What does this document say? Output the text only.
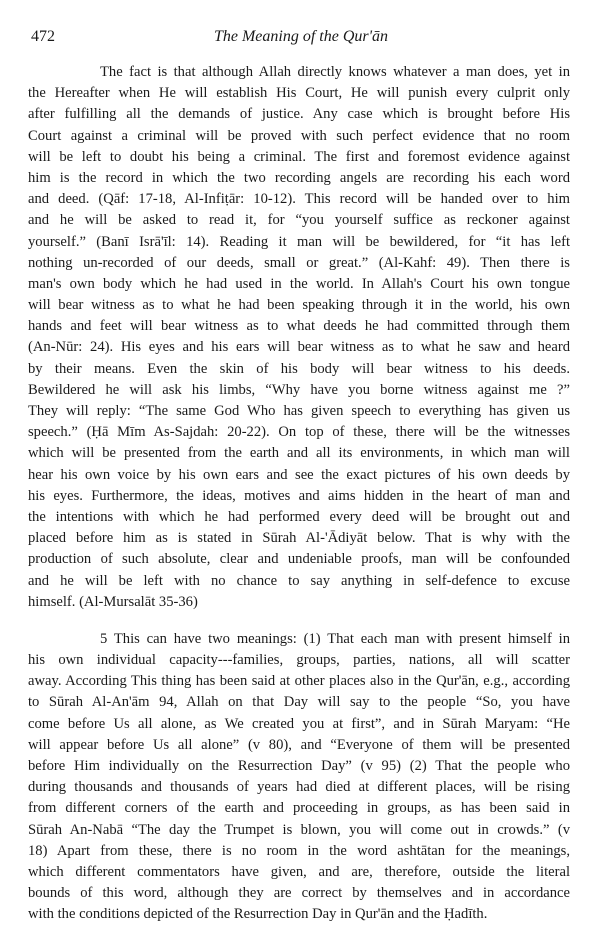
472	The Meaning of the Qur'ān
The fact is that although Allah directly knows whatever a man does, yet in
the Hereafter when He will establish His Court, He will punish every culprit only
after fulfilling all the demands of justice. Any case which is brought before His
Court against a criminal will be proved with such perfect evidence that no room
will be left to doubt his being a criminal. The first and foremost evidence against
him is the record in which the two recording angels are recording his each word
and deed. (Qāf: 17-18, Al-Infiṭār: 10-12). This record will be handed over to him
and he will be asked to read it, for “you yourself suffice as reckoner against
yourself.” (Banī Isrā'īl: 14). Reading it man will be bewildered, for “it has left
nothing un-recorded of our deeds, small or great.” (Al-Kahf: 49). Then there is
man's own body which he had used in the world. In Allah's Court his own tongue
will bear witness as to what he had been speaking through it in the world, his own
hands and feet will bear witness as to what deeds he had committed through them
(An-Nūr: 24). His eyes and his ears will bear witness as to what he saw and heard
by their means. Even the skin of his body will bear witness to his deeds.
Bewildered he will ask his limbs, “Why have you borne witness against me ?”
They will reply: “The same God Who has given speech to everything has given us
speech.” (Ḥā Mīm As-Sajdah: 20-22). On top of these, there will be the witnesses
which will be presented from the earth and all its environments, in which man will
hear his own voice by his own ears and see the exact pictures of his own deeds by
his eyes. Furthermore, the ideas, motives and aims hidden in the heart of man and
the intentions with which he had performed every deed will be brought out and
placed before him as is stated in Sūrah Al-'Ādiyāt below. That is why with the
production of such absolute, clear and undeniable proofs, man will be confounded
and he will be left with no chance to say anything in self-defence to excuse
himself. (Al-Mursalāt 35-36)
5 This can have two meanings: (1) That each man with present himself in
his own individual capacity---families, groups, parties, nations, all will scatter
away. According This thing has been said at other places also in the Qur'ān, e.g., according
to Sūrah Al-An'ām 94, Allah on that Day will say to the people “So, you have
come before Us all alone, as We created you at first”, and in Sūrah Maryam: “He
will appear before Us all alone” (v 80), and “Everyone of them will be presented
before Him individually on the Resurrection Day” (v 95) (2) That the people who
during thousands and thousands of years had died at different places, will be rising
from different corners of the earth and proceeding in groups, as has been said in
Sūrah An-Nabā “The day the Trumpet is blown, you will come out in crowds.” (v
18) Apart from these, there is no room in the word ashtātan for the meanings,
which different commentators have given, and are, therefore, outside the literal
bounds of this word, although they are correct by themselves and in accordance
with the conditions depicted of the Resurrection Day in Qur'ān and the Ḥadīth.
